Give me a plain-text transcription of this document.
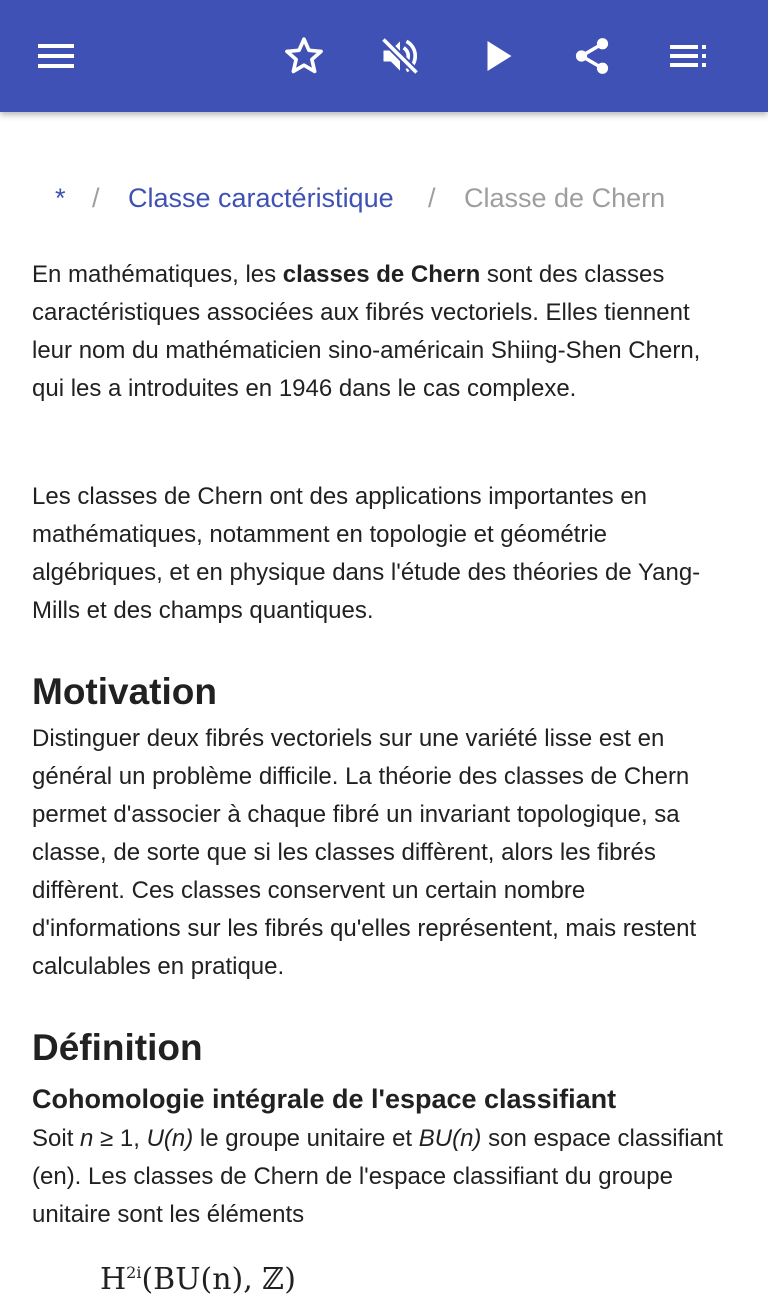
* / Classe caractéristique / Classe de Chern

En mathématiques, les classes de Chern sont des classes caractéristiques associées aux fibrés vectoriels. Elles tiennent leur nom du mathématicien sino-américain Shiing-Shen Chern, qui les a introduites en 1946 dans le cas complexe.

Les classes de Chern ont des applications importantes en mathématiques, notamment en topologie et géométrie algébriques, et en physique dans l'étude des théories de Yang-Mills et des champs quantiques.

Motivation

Distinguer deux fibrés vectoriels sur une variété lisse est en général un problème difficile. La théorie des classes de Chern permet d'associer à chaque fibré un invariant topologique, sa classe, de sorte que si les classes diffèrent, alors les fibrés diffèrent. Ces classes conservent un certain nombre d'informations sur les fibrés qu'elles représentent, mais restent calculables en pratique.

Définition
Cohomologie intégrale de l'espace classifiant

Soit n ≥ 1, U(n) le groupe unitaire et BU(n) son espace classifiant (en). Les classes de Chern de l'espace classifiant du groupe unitaire sont les éléments

$H^{2i}(BU(n)$, ℤ)
